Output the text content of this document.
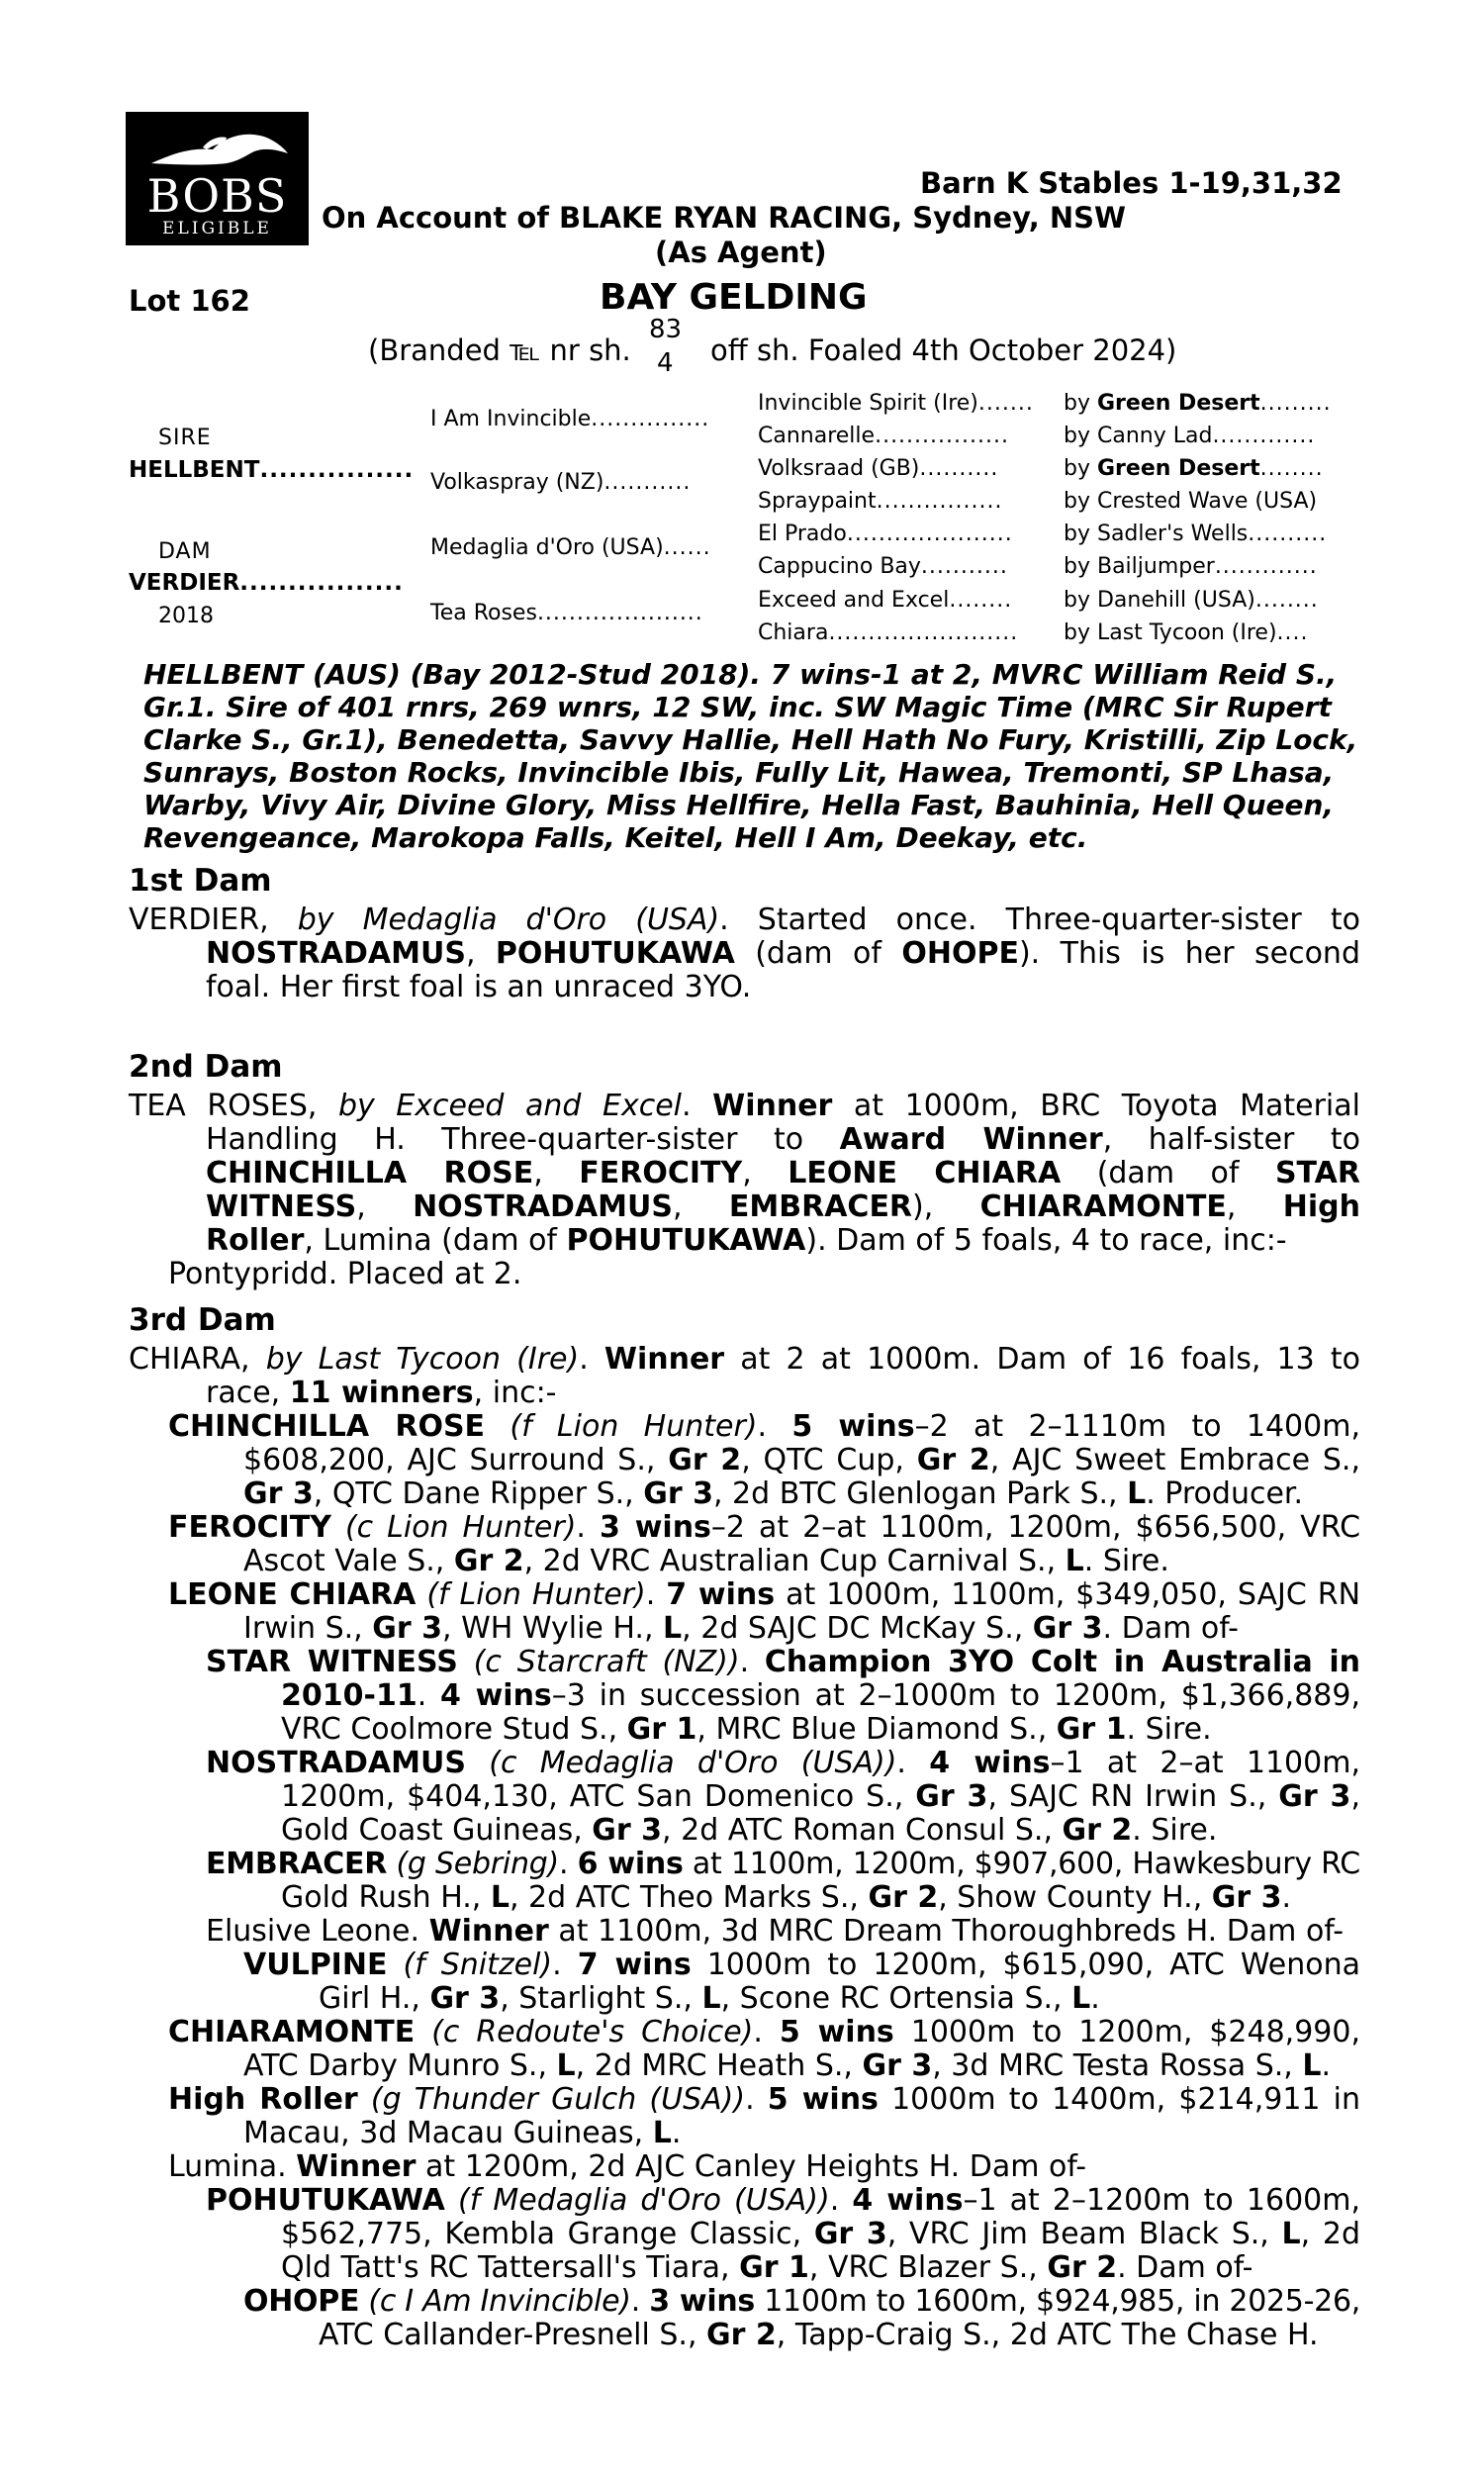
BOBS
ELIGIBLE
Barn K Stables 1-19,31,32
On Account of BLAKE RYAN RACING, Sydney, NSW
(As Agent)
Lot 162	BAY GELDING
(Branded ℡ nr sh.
83
4 off sh. Foaled 4th October 2024)
SIRE
HELLBENT................
DAM
VERDIER.................
2018
I Am Invincible...............
Volkaspray (NZ)...........
Medaglia d'Oro (USA)......
Tea Roses.....................
Invincible Spirit (Ire)....... by Green Desert.........
Cannarelle.................	by Canny Lad.............
Volksraad (GB)..........	by Green Desert........
Spraypaint................	by Crested Wave (USA)
El Prado..................... by Sadler's Wells..........
Cappucino Bay...........	by Bailjumper.............
Exceed and Excel........ by Danehill (USA)........
Chiara........................ by Last Tycoon (Ire)....
HELLBENT (AUS) (Bay 2012-Stud 2018). 7 wins-1 at 2, MVRC William Reid S.,
Gr.1. Sire of 401 rnrs, 269 wnrs, 12 SW, inc. SW Magic Time (MRC Sir Rupert
Clarke S., Gr.1), Benedetta, Savvy Hallie, Hell Hath No Fury, Kristilli, Zip Lock,
Sunrays, Boston Rocks, Invincible Ibis, Fully Lit, Hawea, Tremonti, SP Lhasa,
Warby, Vivy Air, Divine Glory, Miss Hellfire, Hella Fast, Bauhinia, Hell Queen,
Revengeance, Marokopa Falls, Keitel, Hell I Am, Deekay, etc.
1st Dam
2nd Dam
3rd Dam
VERDIER, by Medaglia d'Oro (USA). Started once. Three-quarter-sister to
NOSTRADAMUS, POHUTUKAWA (dam of OHOPE). This is her second
foal. Her first foal is an unraced 3YO.
TEA ROSES, by Exceed and Excel. Winner at 1000m, BRC Toyota Material
Handling H. Three-quarter-sister to Award Winner, half-sister to
CHINCHILLA ROSE, FEROCITY, LEONE CHIARA (dam of STAR
WITNESS, NOSTRADAMUS, EMBRACER), CHIARAMONTE, High
Roller, Lumina (dam of POHUTUKAWA). Dam of 5 foals, 4 to race, inc:-
Pontypridd. Placed at 2.
CHIARA, by Last Tycoon (Ire). Winner at 2 at 1000m. Dam of 16 foals, 13 to
race, 11 winners, inc:-
CHINCHILLA ROSE (f Lion Hunter). 5 wins–2 at 2–1110m to 1400m,
$608,200, AJC Surround S., Gr 2, QTC Cup, Gr 2, AJC Sweet Embrace S.,
Gr 3, QTC Dane Ripper S., Gr 3, 2d BTC Glenlogan Park S., L. Producer.
FEROCITY (c Lion Hunter). 3 wins–2 at 2–at 1100m, 1200m, $656,500, VRC
Ascot Vale S., Gr 2, 2d VRC Australian Cup Carnival S., L. Sire.
LEONE CHIARA (f Lion Hunter). 7 wins at 1000m, 1100m, $349,050, SAJC RN
Irwin S., Gr 3, WH Wylie H., L, 2d SAJC DC McKay S., Gr 3. Dam of-
STAR WITNESS (c Starcraft (NZ)). Champion 3YO Colt in Australia in
2010-11. 4 wins–3 in succession at 2–1000m to 1200m, $1,366,889,
VRC Coolmore Stud S., Gr 1, MRC Blue Diamond S., Gr 1. Sire.
NOSTRADAMUS (c Medaglia d'Oro (USA)). 4 wins–1 at 2–at 1100m,
1200m, $404,130, ATC San Domenico S., Gr 3, SAJC RN Irwin S., Gr 3,
Gold Coast Guineas, Gr 3, 2d ATC Roman Consul S., Gr 2. Sire.
EMBRACER (g Sebring). 6 wins at 1100m, 1200m, $907,600, Hawkesbury RC
Gold Rush H., L, 2d ATC Theo Marks S., Gr 2, Show County H., Gr 3.
Elusive Leone. Winner at 1100m, 3d MRC Dream Thoroughbreds H. Dam of-
VULPINE (f Snitzel). 7 wins 1000m to 1200m, $615,090, ATC Wenona
Girl H., Gr 3, Starlight S., L, Scone RC Ortensia S., L.
CHIARAMONTE (c Redoute's Choice). 5 wins 1000m to 1200m, $248,990,
ATC Darby Munro S., L, 2d MRC Heath S., Gr 3, 3d MRC Testa Rossa S., L.
High Roller (g Thunder Gulch (USA)). 5 wins 1000m to 1400m, $214,911 in
Macau, 3d Macau Guineas, L.
Lumina. Winner at 1200m, 2d AJC Canley Heights H. Dam of-
POHUTUKAWA (f Medaglia d'Oro (USA)). 4 wins–1 at 2–1200m to 1600m,
$562,775, Kembla Grange Classic, Gr 3, VRC Jim Beam Black S., L, 2d
Qld Tatt's RC Tattersall's Tiara, Gr 1, VRC Blazer S., Gr 2. Dam of-
OHOPE (c I Am Invincible). 3 wins 1100m to 1600m, $924,985, in 2025-26,
ATC Callander-Presnell S., Gr 2, Tapp-Craig S., 2d ATC The Chase H.
